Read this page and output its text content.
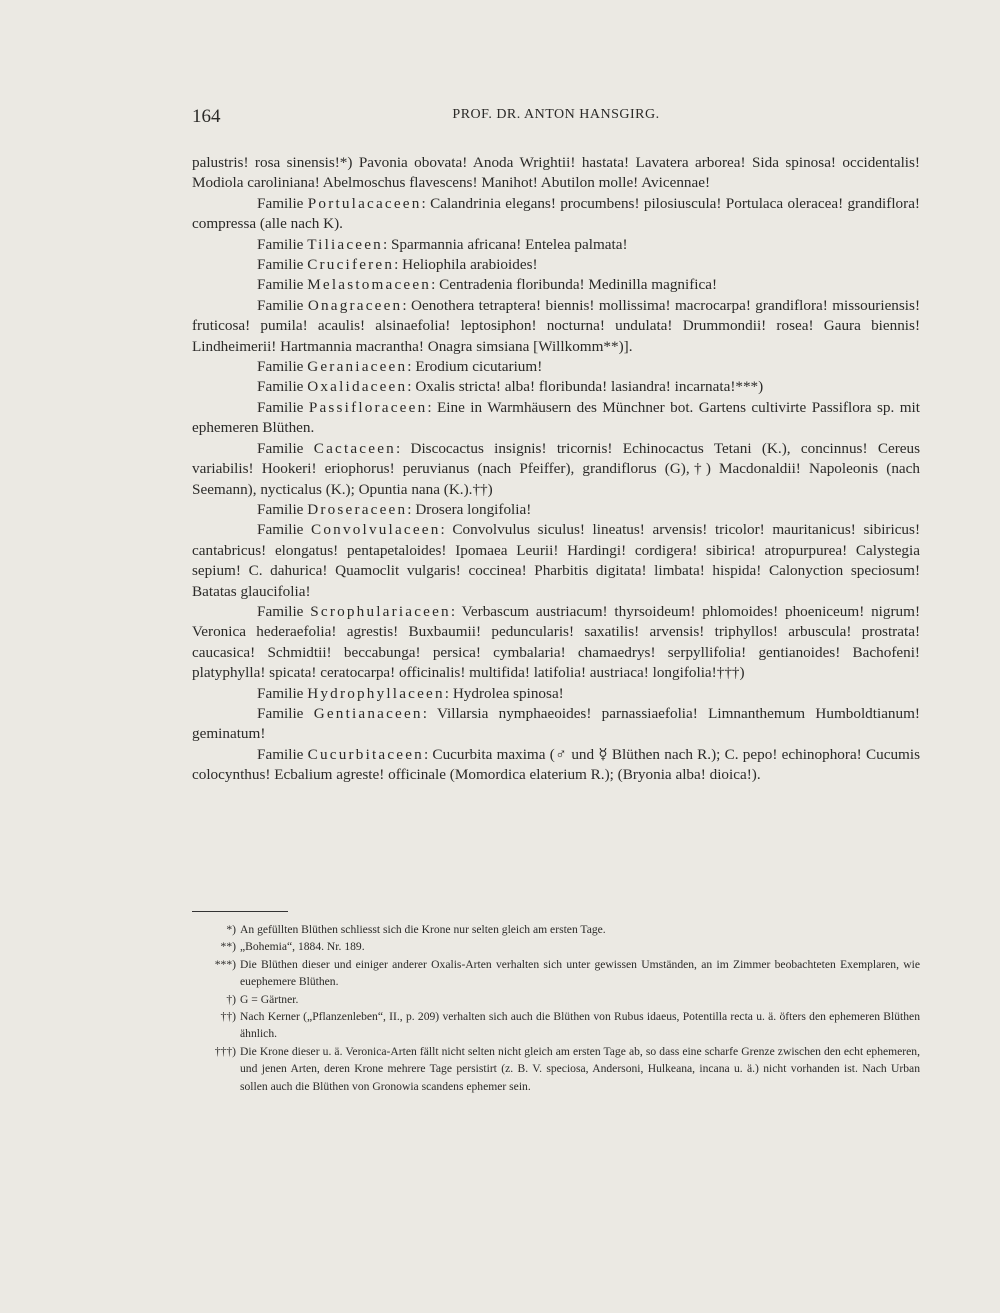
164	PROF. DR. ANTON HANSGIRG.

palustris! rosa sinensis!*) Pavonia obovata! Anoda Wrightii! hastata! Lavatera arborea! Sida spinosa! occidentalis! Modiola caroliniana! Abelmoschus flavescens! Manihot! Abutilon molle! Avicennae!

Familie Portulacaceen: Calandrinia elegans! procumbens! pilosiuscula! Portulaca oleracea! grandiflora! compressa (alle nach K).

Familie Tiliaceen: Sparmannia africana! Entelea palmata!

Familie Cruciferen: Heliophila arabioides!

Familie Melastomaceen: Centradenia floribunda! Medinilla magnifica!

Familie Onagraceen: Oenothera tetraptera! biennis! mollissima! macrocarpa! grandiflora! missouriensis! fruticosa! pumila! acaulis! alsinaefolia! leptosiphon! nocturna! undulata! Drummondii! rosea! Gaura biennis! Lindheimerii! Hartmannia macrantha! Onagra simsiana [Willkomm**)].

Familie Geraniaceen: Erodium cicutarium!

Familie Oxalidaceen: Oxalis stricta! alba! floribunda! lasiandra! incarnata!***)

Familie Passifloraceen: Eine in Warmhäusern des Münchner bot. Gartens cultivirte Passiflora sp. mit ephemeren Blüthen.

Familie Cactaceen: Discocactus insignis! tricornis! Echinocactus Tetani (K.), concinnus! Cereus variabilis! Hookeri! eriophorus! peruvianus (nach Pfeiffer), grandiflorus (G),†) Macdonaldii! Napoleonis (nach Seemann), nycticalus (K.); Opuntia nana (K.).††)

Familie Droseraceen: Drosera longifolia!

Familie Convolvulaceen: Convolvulus siculus! lineatus! arvensis! tricolor! mauritanicus! sibiricus! cantabricus! elongatus! pentapetaloides! Ipomaea Leurii! Hardingi! cordigera! sibirica! atropurpurea! Calystegia sepium! C. dahurica! Quamoclit vulgaris! coccinea! Pharbitis digitata! limbata! hispida! Calonyction speciosum! Batatas glaucifolia!

Familie Scrophulariaceen: Verbascum austriacum! thyrsoideum! phlomoides! phoeniceum! nigrum! Veronica hederaefolia! agrestis! Buxbaumii! peduncularis! saxatilis! arvensis! triphyllos! arbuscula! prostrata! caucasica! Schmidtii! beccabunga! persica! cymbalaria! chamaedrys! serpyllifolia! gentianoides! Bachofeni! platyphylla! spicata! ceratocarpa! officinalis! multifida! latifolia! austriaca! longifolia!†††)

Familie Hydrophyllaceen: Hydrolea spinosa!

Familie Gentianaceen: Villarsia nymphaeoides! parnassiaefolia! Limnanthemum Humboldtianum! geminatum!

Familie Cucurbitaceen: Cucurbita maxima (♂ und ☿ Blüthen nach R.); C. pepo! echinophora! Cucumis colocynthus! Ecbalium agreste! officinale (Momordica elaterium R.); (Bryonia alba! dioica!).

*) An gefüllten Blüthen schliesst sich die Krone nur selten gleich am ersten Tage.
**) „Bohemia“, 1884. Nr. 189.
***) Die Blüthen dieser und einiger anderer Oxalis-Arten verhalten sich unter gewissen Umständen, an im Zimmer beobachteten Exemplaren, wie euephemere Blüthen.
†) G = Gärtner.
††) Nach Kerner („Pflanzenleben“, II., p. 209) verhalten sich auch die Blüthen von Rubus idaeus, Potentilla recta u. ä. öfters den ephemeren Blüthen ähnlich.
†††) Die Krone dieser u. ä. Veronica-Arten fällt nicht selten nicht gleich am ersten Tage ab, so dass eine scharfe Grenze zwischen den echt ephemeren, und jenen Arten, deren Krone mehrere Tage persistirt (z. B. V. speciosa, Andersoni, Hulkeana, incana u. ä.) nicht vorhanden ist. Nach Urban sollen auch die Blüthen von Gronowia scandens ephemer sein.
